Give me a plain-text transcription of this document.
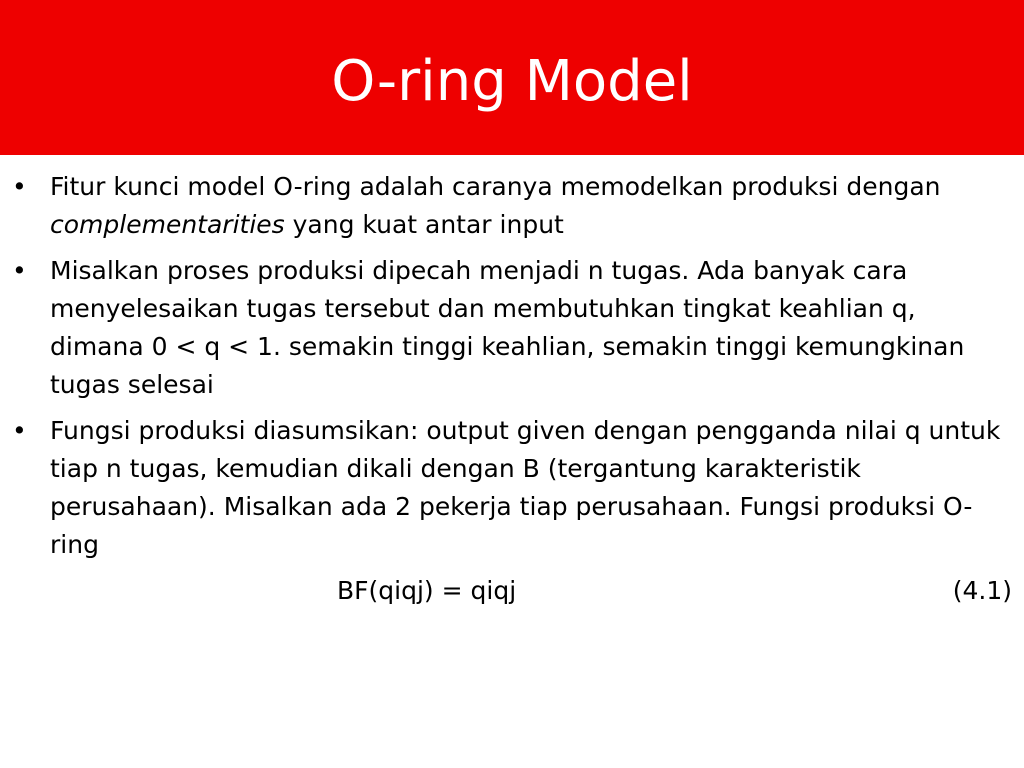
O-ring Model
• Fitur kunci model O-ring adalah caranya memodelkan produksi dengan complementarities yang kuat antar input
• Misalkan proses produksi dipecah menjadi n tugas. Ada banyak cara menyelesaikan tugas tersebut dan membutuhkan tingkat keahlian q, dimana 0 < q < 1. semakin tinggi keahlian, semakin tinggi kemungkinan tugas selesai
• Fungsi produksi diasumsikan: output given dengan pengganda nilai q untuk tiap n tugas, kemudian dikali dengan B (tergantung karakteristik perusahaan). Misalkan ada 2 pekerja tiap perusahaan. Fungsi produksi O-ring
BF(qiqj) = qiqj	(4.1)
